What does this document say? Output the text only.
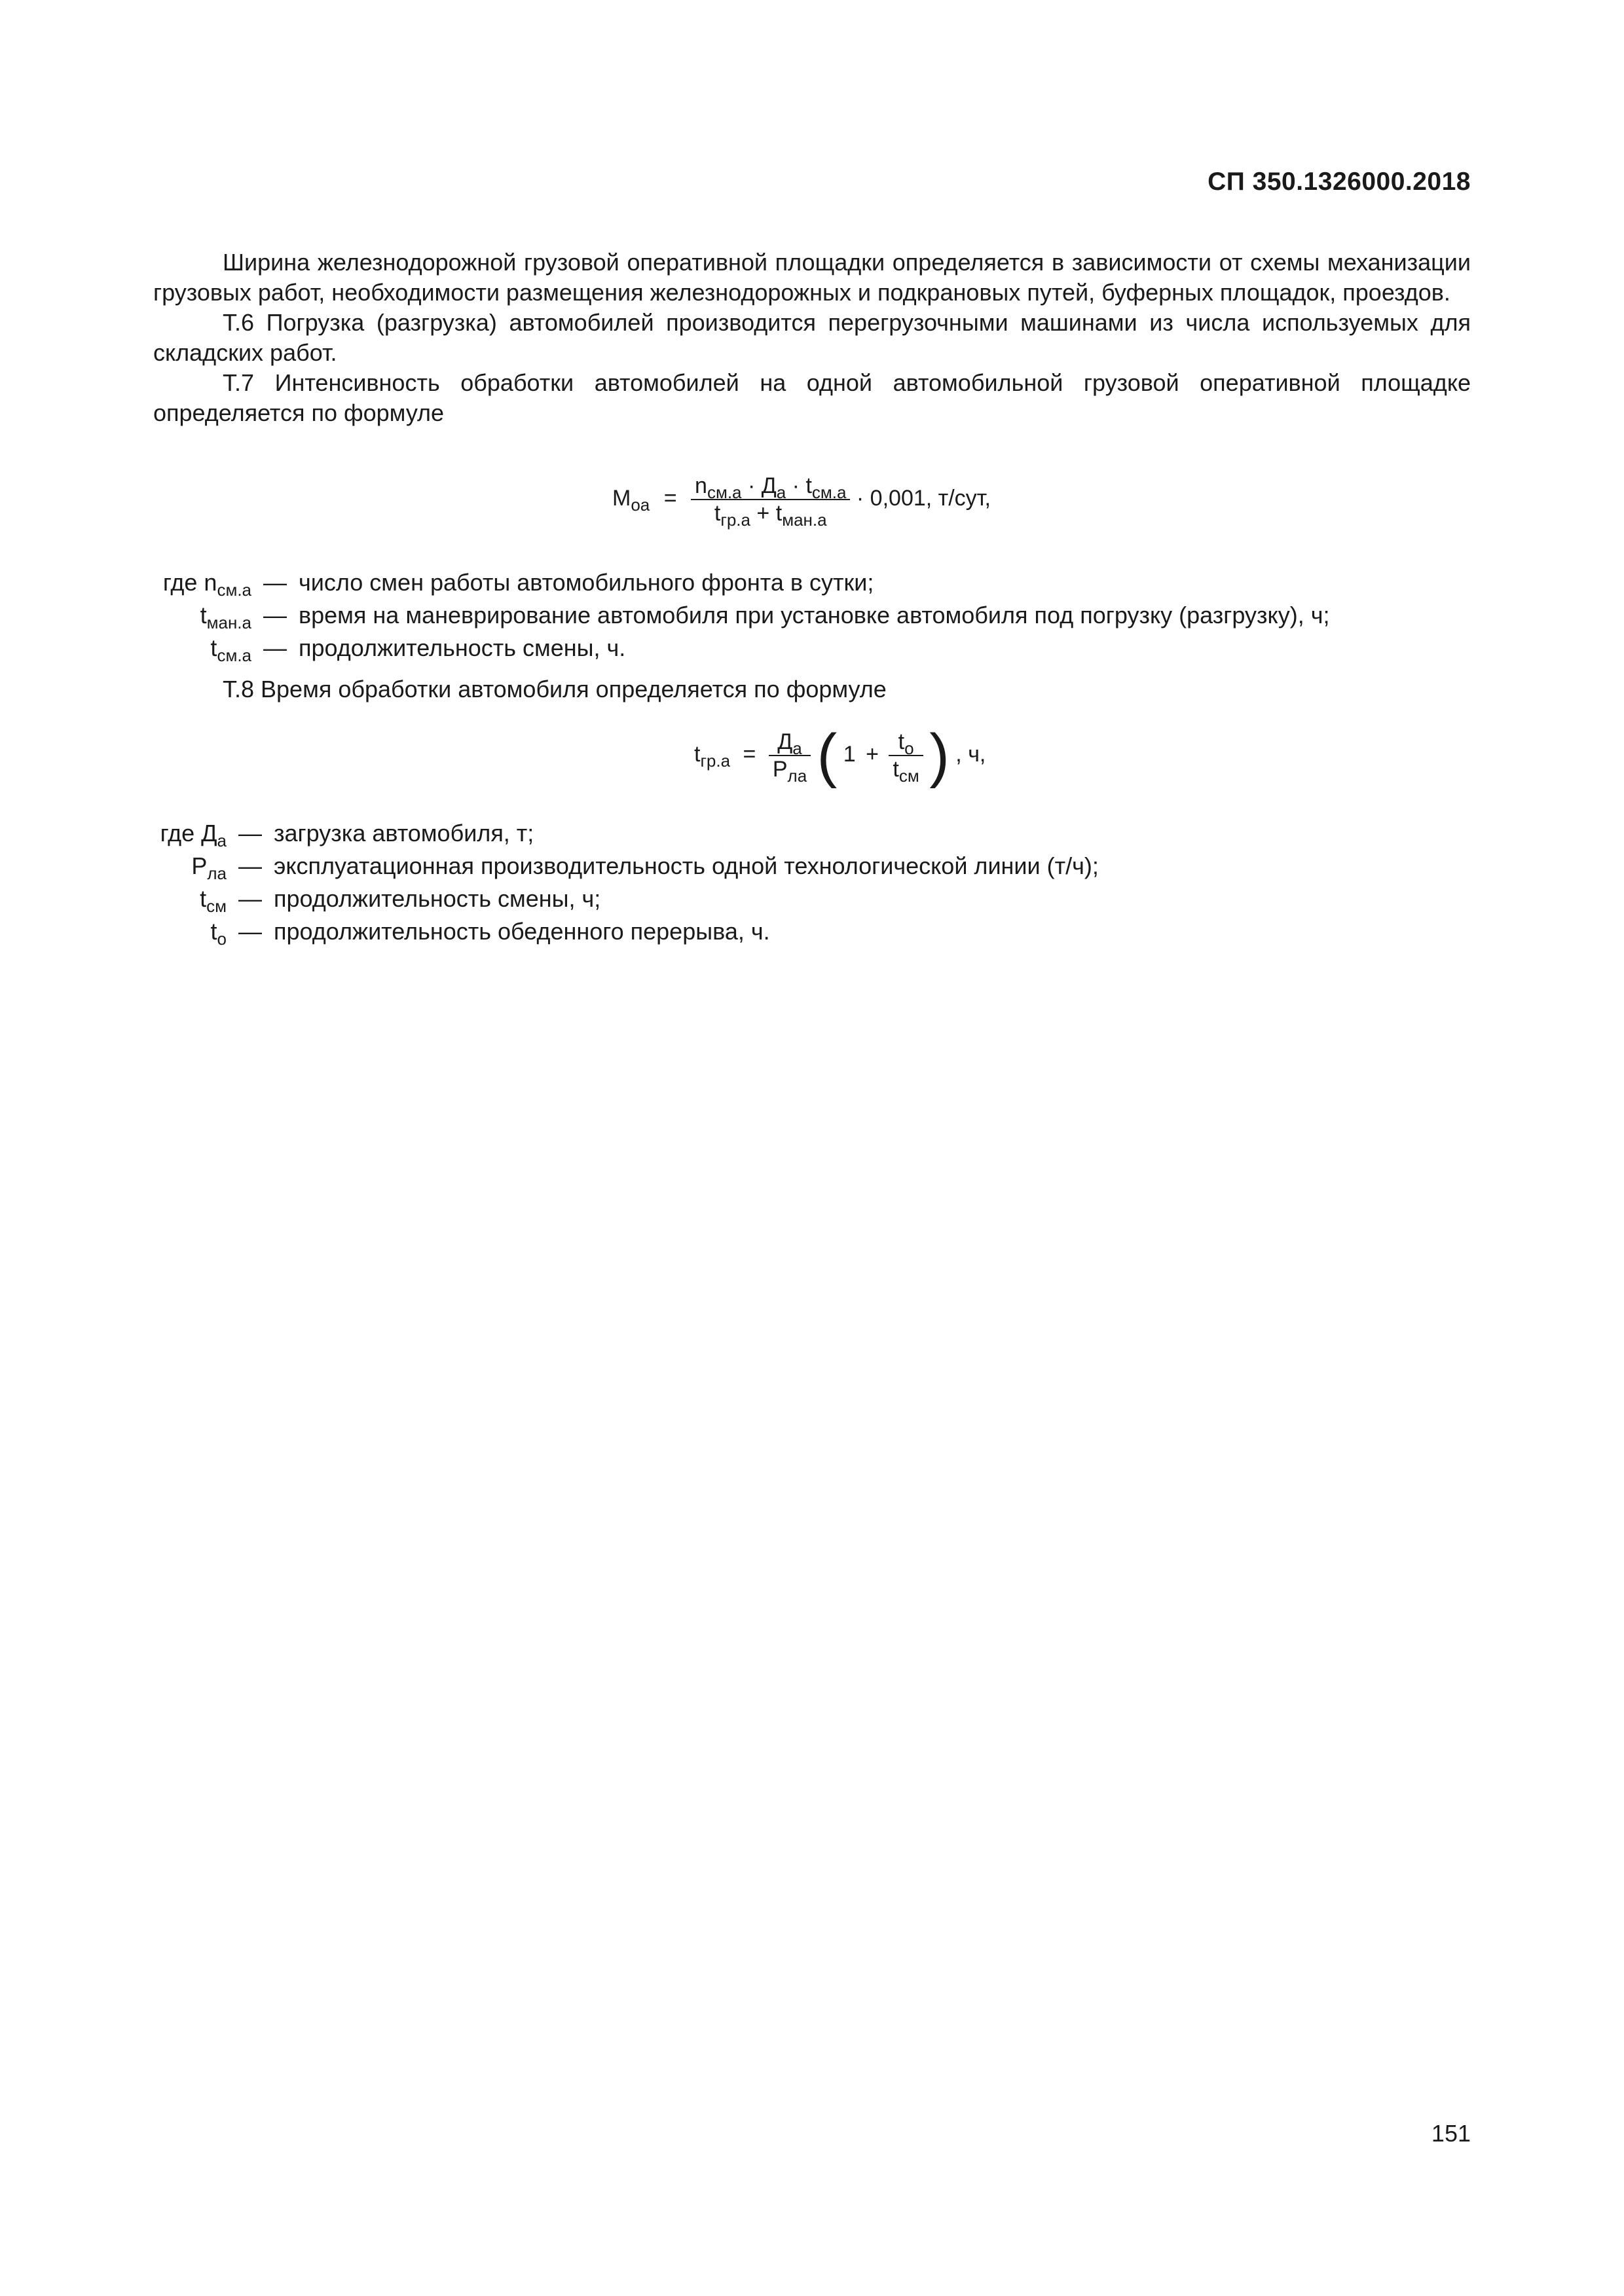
СП 350.1326000.2018

Ширина железнодорожной грузовой оперативной площадки определяется в зависимости от схемы механизации грузовых работ, необходимости размещения железнодорожных и подкрановых путей, буферных площадок, проездов.

Т.6 Погрузка (разгрузка) автомобилей производится перегрузочными машинами из числа используемых для складских работ.

Т.7 Интенсивность обработки автомобилей на одной автомобильной грузовой оперативной площадке определяется по формуле

$M_{оа} = \frac{n_{см.а} \cdot Д_а \cdot t_{см.а}}{t_{гр.а} + t_{ман.а}} \cdot 0,001$, т/сут,
где $n_{см.а}$ — число смен работы автомобильного фронта в сутки;
$t_{ман.а}$ — время на маневрирование автомобиля при установке автомобиля под погрузку (разгрузку), ч;
$t_{см.а}$ — продолжительность смены, ч.

Т.8 Время обработки автомобиля определяется по формуле

$t_{гр.а} = \frac{Д_а}{P_{ла}}$ ( $1 + \frac{t_о}{t_{см}}$ ) , ч,
где $Д_а$ — загрузка автомобиля, т;
$P_{ла}$ — эксплуатационная производительность одной технологической линии (т/ч);
$t_{см}$ — продолжительность смены, ч;
$t_о$ — продолжительность обеденного перерыва, ч.
151
